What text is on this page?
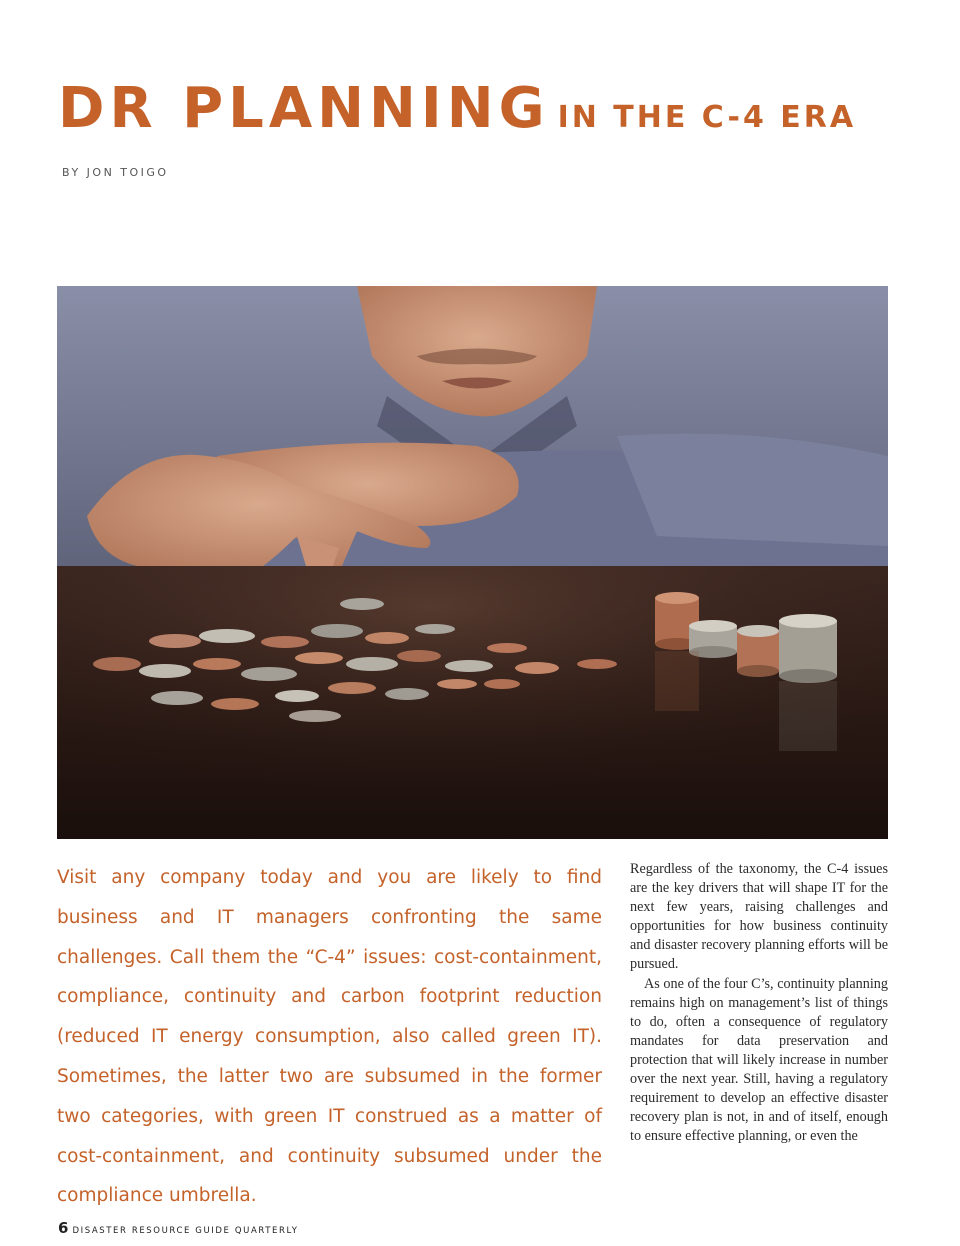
DR PLANNING IN THE C-4 ERA
BY JON TOIGO

Visit any company today and you are likely to find business and IT managers confronting the same challenges. Call them the “C-4” issues: cost-containment, compliance, continuity and carbon footprint reduction (reduced IT energy consumption, also called green IT). Sometimes, the latter two are subsumed in the former two categories, with green IT construed as a matter of cost-containment, and continuity subsumed under the compliance umbrella.

Regardless of the taxonomy, the C-4 issues are the key drivers that will shape IT for the next few years, raising challenges and opportunities for how business continuity and disaster recovery planning efforts will be pursued.

As one of the four C’s, continuity planning remains high on management’s list of things to do, often a consequence of regulatory mandates for data preservation and protection that will likely increase in number over the next year. Still, having a regulatory requirement to develop an effective disaster recovery plan is not, in and of itself, enough to ensure effective planning, or even the

6 DISASTER RESOURCE GUIDE QUARTERLY
